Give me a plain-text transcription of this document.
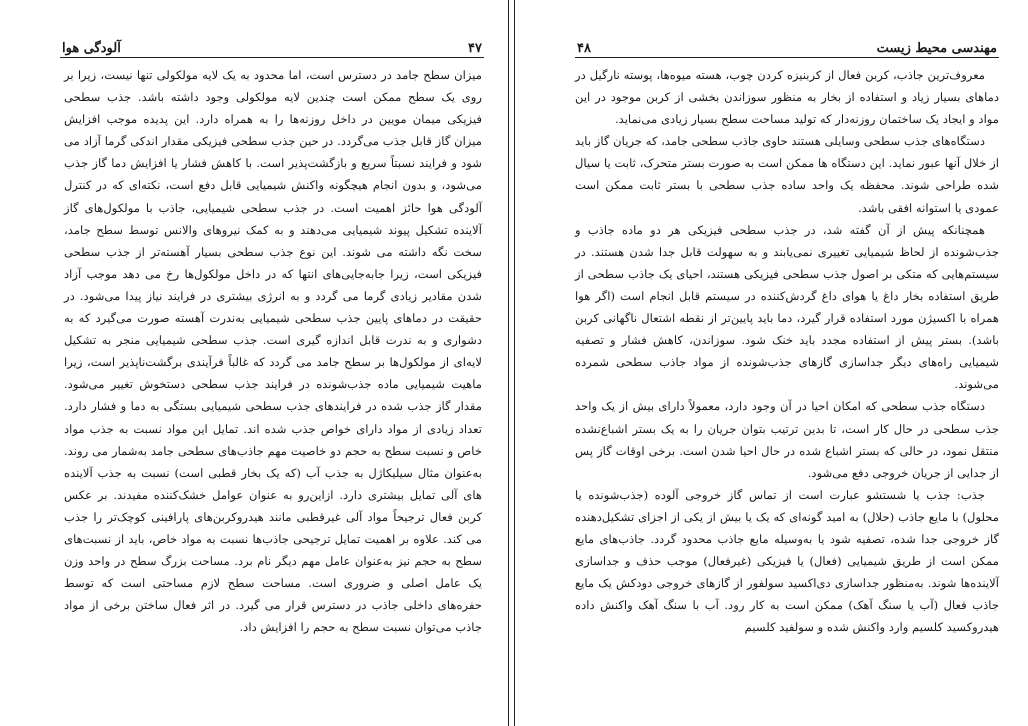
۴۷
آلودگی هوا

میزان سطح جامد در دسترس است، اما محدود به یک لایه مولکولی تنها نیست، زیرا بر روی یک سطح ممکن است چندین لایه مولکولی وجود داشته باشد. جذب سطحی فیزیکی میمان مویین در داخل روزنه‌ها را به همراه دارد. این پدیده موجب افزایش میزان گاز قابل جذب می‌گردد. در حین جذب سطحی فیزیکی مقدار اندکی گرما آزاد می شود و فرایند نسبتاً سریع و بازگشت‌پذیر است. با کاهش فشار یا افزایش دما گاز جذب می‌شود، و بدون انجام هیچگونه واکنش شیمیایی قابل دفع است، نکته‌ای که در کنترل آلودگی هوا حائز اهمیت است. در جذب سطحی شیمیایی، جاذب با مولکول‌های گاز آلاینده تشکیل پیوند شیمیایی می‌دهند و به کمک نیروهای والانس توسط سطح جامد، سخت نگه داشته می شوند. این نوع جذب سطحی بسیار آهسته‌تر از جذب سطحی فیزیکی است، زیرا جابه‌جایی‌های انتها که در داخل مولکول‌ها رخ می دهد موجب آزاد شدن مقادیر زیادی گرما می گردد و به انرژی بیشتری در فرایند نیاز پیدا می‌شود. در حقیقت در دماهای پایین جذب سطحی شیمیایی به‌ندرت آهسته صورت می‌گیرد که به دشواری و به ندرت قابل اندازه گیری است. جذب سطحی شیمیایی منجر به تشکیل لایه‌ای از مولکول‌ها بر سطح جامد می گردد که غالباً فرآیندی برگشت‌ناپذیر است، زیرا ماهیت شیمیایی ماده جذب‌شونده در فرایند جذب سطحی دستخوش تغییر می‌شود. مقدار گاز جذب شده در فرایندهای جذب سطحی شیمیایی بستگی به دما و فشار دارد. تعداد زیادی از مواد دارای خواص جذب شده اند. تمایل این مواد نسبت به جذب مواد خاص و نسبت سطح به حجم دو خاصیت مهم جاذب‌های سطحی جامد به‌شمار می روند. به‌عنوان مثال سیلیکاژل به جذب آب (که یک بخار قطبی است) نسبت به جذب آلاینده های آلی تمایل بیشتری دارد. ازاین‌رو به عنوان عوامل خشک‌کننده مفیدند. بر عکس کربن فعال ترجیحاً مواد آلی غیرقطبی مانند هیدروکربن‌های پارافینی کوچک‌تر را جذب می کند. علاوه بر اهمیت تمایل ترجیحی جاذب‌ها نسبت به مواد خاص، باید از نسبت‌های سطح به حجم نیز به‌عنوان عامل مهم دیگر نام برد. مساحت بزرگ سطح در واحد وزن یک عامل اصلی و ضروری است. مساحت سطح لازم مساحتی است که توسط حفره‌های داخلی جاذب در دسترس قرار می گیرد. در اثر فعال ساختن برخی از مواد جاذب می‌توان نسبت سطح به حجم را افزایش داد.

مهندسی محیط زیست
۴۸

معروف‌ترین جاذب، کربن فعال از کربنیزه کردن چوب، هسته میوه‌ها، پوسته نارگیل در دماهای بسیار زیاد و استفاده از بخار به منظور سوزاندن بخشی از کربن موجود در این مواد و ایجاد یک ساختمان روزنه‌دار که تولید مساحت سطح بسیار زیادی می‌نماید.

دستگاه‌های جذب سطحی وسایلی هستند حاوی جاذب سطحی جامد، که جریان گاز باید از خلال آنها عبور نماید. این دستگاه ها ممکن است به صورت بستر متحرک، ثابت یا سیال شده طراحی شوند. محفظه یک واحد ساده جذب سطحی با بستر ثابت ممکن است عمودی یا استوانه افقی باشد.

همچنانکه پیش از آن گفته شد، در جذب سطحی فیزیکی هر دو ماده جاذب و جذب‌شونده از لحاظ شیمیایی تغییری نمی‌یابند و به سهولت قابل جدا شدن هستند. در سیستم‌هایی که متکی بر اصول جذب سطحی فیزیکی هستند، احیای یک جاذب سطحی از طریق استفاده بخار داغ یا هوای داغ گردش‌کننده در سیستم قابل انجام است (اگر هوا همراه با اکسیژن مورد استفاده قرار گیرد، دما باید پایین‌تر از نقطه اشتعال ناگهانی کربن باشد). بستر پیش از استفاده مجدد باید خنک شود. سوزاندن، کاهش فشار و تصفیه شیمیایی راه‌های دیگر جداسازی گازهای جذب‌شونده از مواد جاذب سطحی شمرده می‌شوند.

دستگاه جذب سطحی که امکان احیا در آن وجود دارد، معمولاً دارای بیش از یک واحد جذب سطحی در حال کار است، تا بدین ترتیب بتوان جریان را به یک بستر اشباع‌نشده منتقل نمود، در حالی که بستر اشباع شده در حال احیا شدن است. برخی اوقات گاز پس از جدایی از جریان خروجی دفع می‌شود.

جذب: جذب یا شستشو عبارت است از تماس گاز خروجی آلوده (جذب‌شونده یا محلول) با مایع جاذب (حلال) به امید گونه‌ای که یک یا بیش از یکی از اجزای تشکیل‌دهنده گاز خروجی جدا شده، تصفیه شود یا به‌وسیله مایع جاذب محدود گردد. جاذب‌های مایع ممکن است از طریق شیمیایی (فعال) یا فیزیکی (غیرفعال) موجب حذف و جداسازی آلاینده‌ها شوند. به‌منظور جداسازی دی‌اکسید سولفور از گازهای خروجی دودکش یک مایع جاذب فعال (آب یا سنگ آهک) ممکن است به کار رود. آب با سنگ آهک واکنش داده هیدروکسید کلسیم وارد واکنش شده و سولفید کلسیم
